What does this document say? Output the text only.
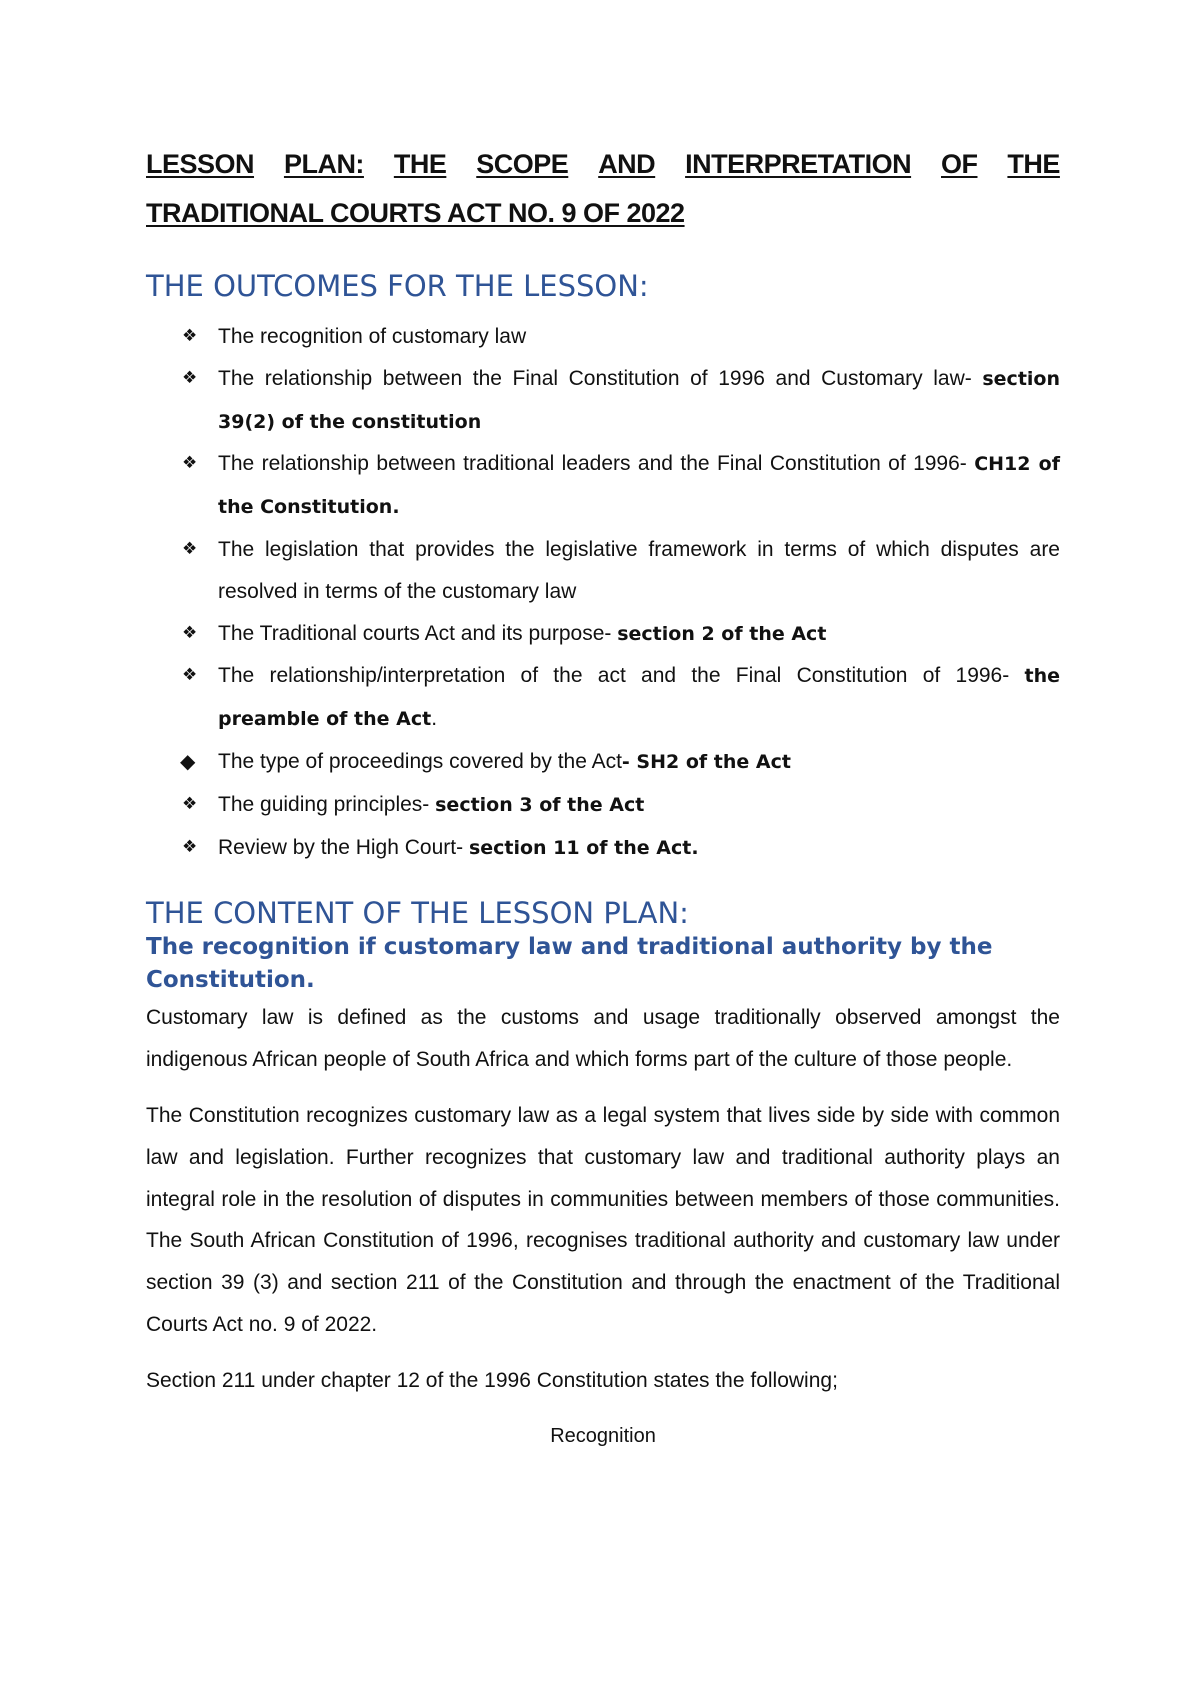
LESSON PLAN: THE SCOPE AND INTERPRETATION OF THE
TRADITIONAL COURTS ACT NO. 9 OF 2022
THE OUTCOMES FOR THE LESSON:
❖ The recognition of customary law
❖ The relationship between the Final Constitution of 1996 and Customary law- section 39(2) of the constitution
❖ The relationship between traditional leaders and the Final Constitution of 1996- CH12 of the Constitution.
❖ The legislation that provides the legislative framework in terms of which disputes are resolved in terms of the customary law
❖ The Traditional courts Act and its purpose- section 2 of the Act
❖ The relationship/interpretation of the act and the Final Constitution of 1996- the preamble of the Act.
◆ The type of proceedings covered by the Act- SH2 of the Act
❖ The guiding principles- section 3 of the Act
❖ Review by the High Court- section 11 of the Act.
THE CONTENT OF THE LESSON PLAN:
The recognition if customary law and traditional authority by the Constitution.

Customary law is defined as the customs and usage traditionally observed amongst the indigenous African people of South Africa and which forms part of the culture of those people.

The Constitution recognizes customary law as a legal system that lives side by side with common law and legislation. Further recognizes that customary law and traditional authority plays an integral role in the resolution of disputes in communities between members of those communities. The South African Constitution of 1996, recognises traditional authority and customary law under section 39 (3) and section 211 of the Constitution and through the enactment of the Traditional Courts Act no. 9 of 2022.

Section 211 under chapter 12 of the 1996 Constitution states the following;

Recognition
